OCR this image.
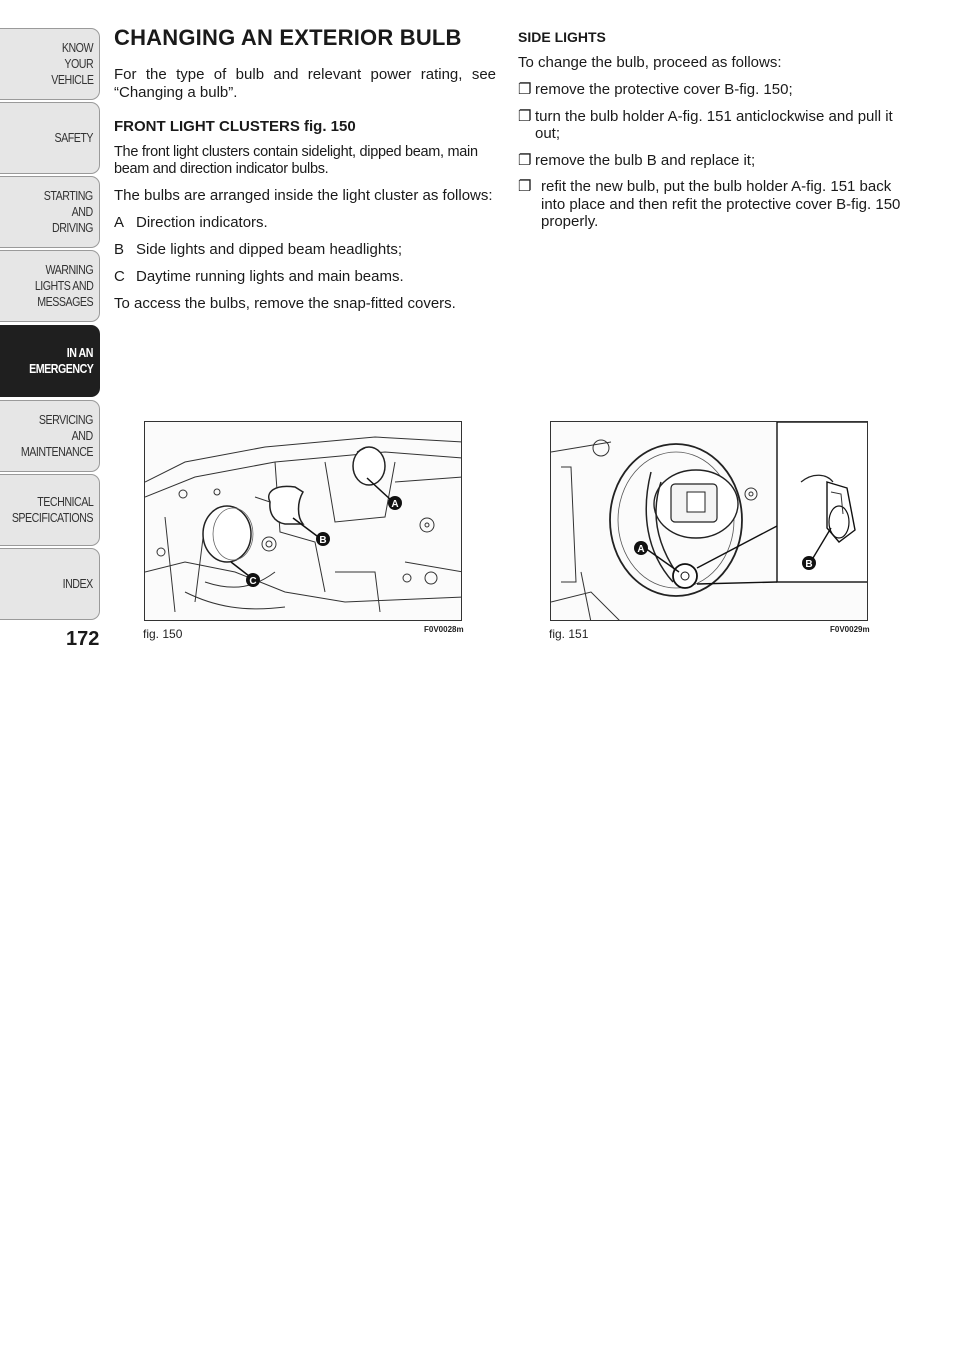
KNOW
YOUR
VEHICLE
SAFETY
STARTING
AND
DRIVING
WARNING
LIGHTS AND
MESSAGES
IN AN
EMERGENCY
SERVICING
AND
MAINTENANCE
TECHNICAL
SPECIFICATIONS
INDEX
172
CHANGING AN EXTERIOR BULB

For the type of bulb and relevant power rating, see “Changing a bulb”.

FRONT LIGHT CLUSTERS fig. 150

The front light clusters contain sidelight, dipped beam, main beam and direction indicator bulbs.

The bulbs are arranged inside the light cluster as follows:

A Direction indicators.
B Side lights and dipped beam headlights;
C Daytime running lights and main beams.

To access the bulbs, remove the snap-fitted covers.

SIDE LIGHTS

To change the bulb, proceed as follows:

❐ remove the protective cover B-fig. 150;
❐ turn the bulb holder A-fig. 151 anticlockwise and pull it out;
❐ remove the bulb B and replace it;
❐ refit the new bulb, put the bulb holder A-fig. 151 back into place and then refit the protective cover B-fig. 150 properly.
A
B
C
fig. 150	F0V0028m
A
B
fig. 151	F0V0029m
